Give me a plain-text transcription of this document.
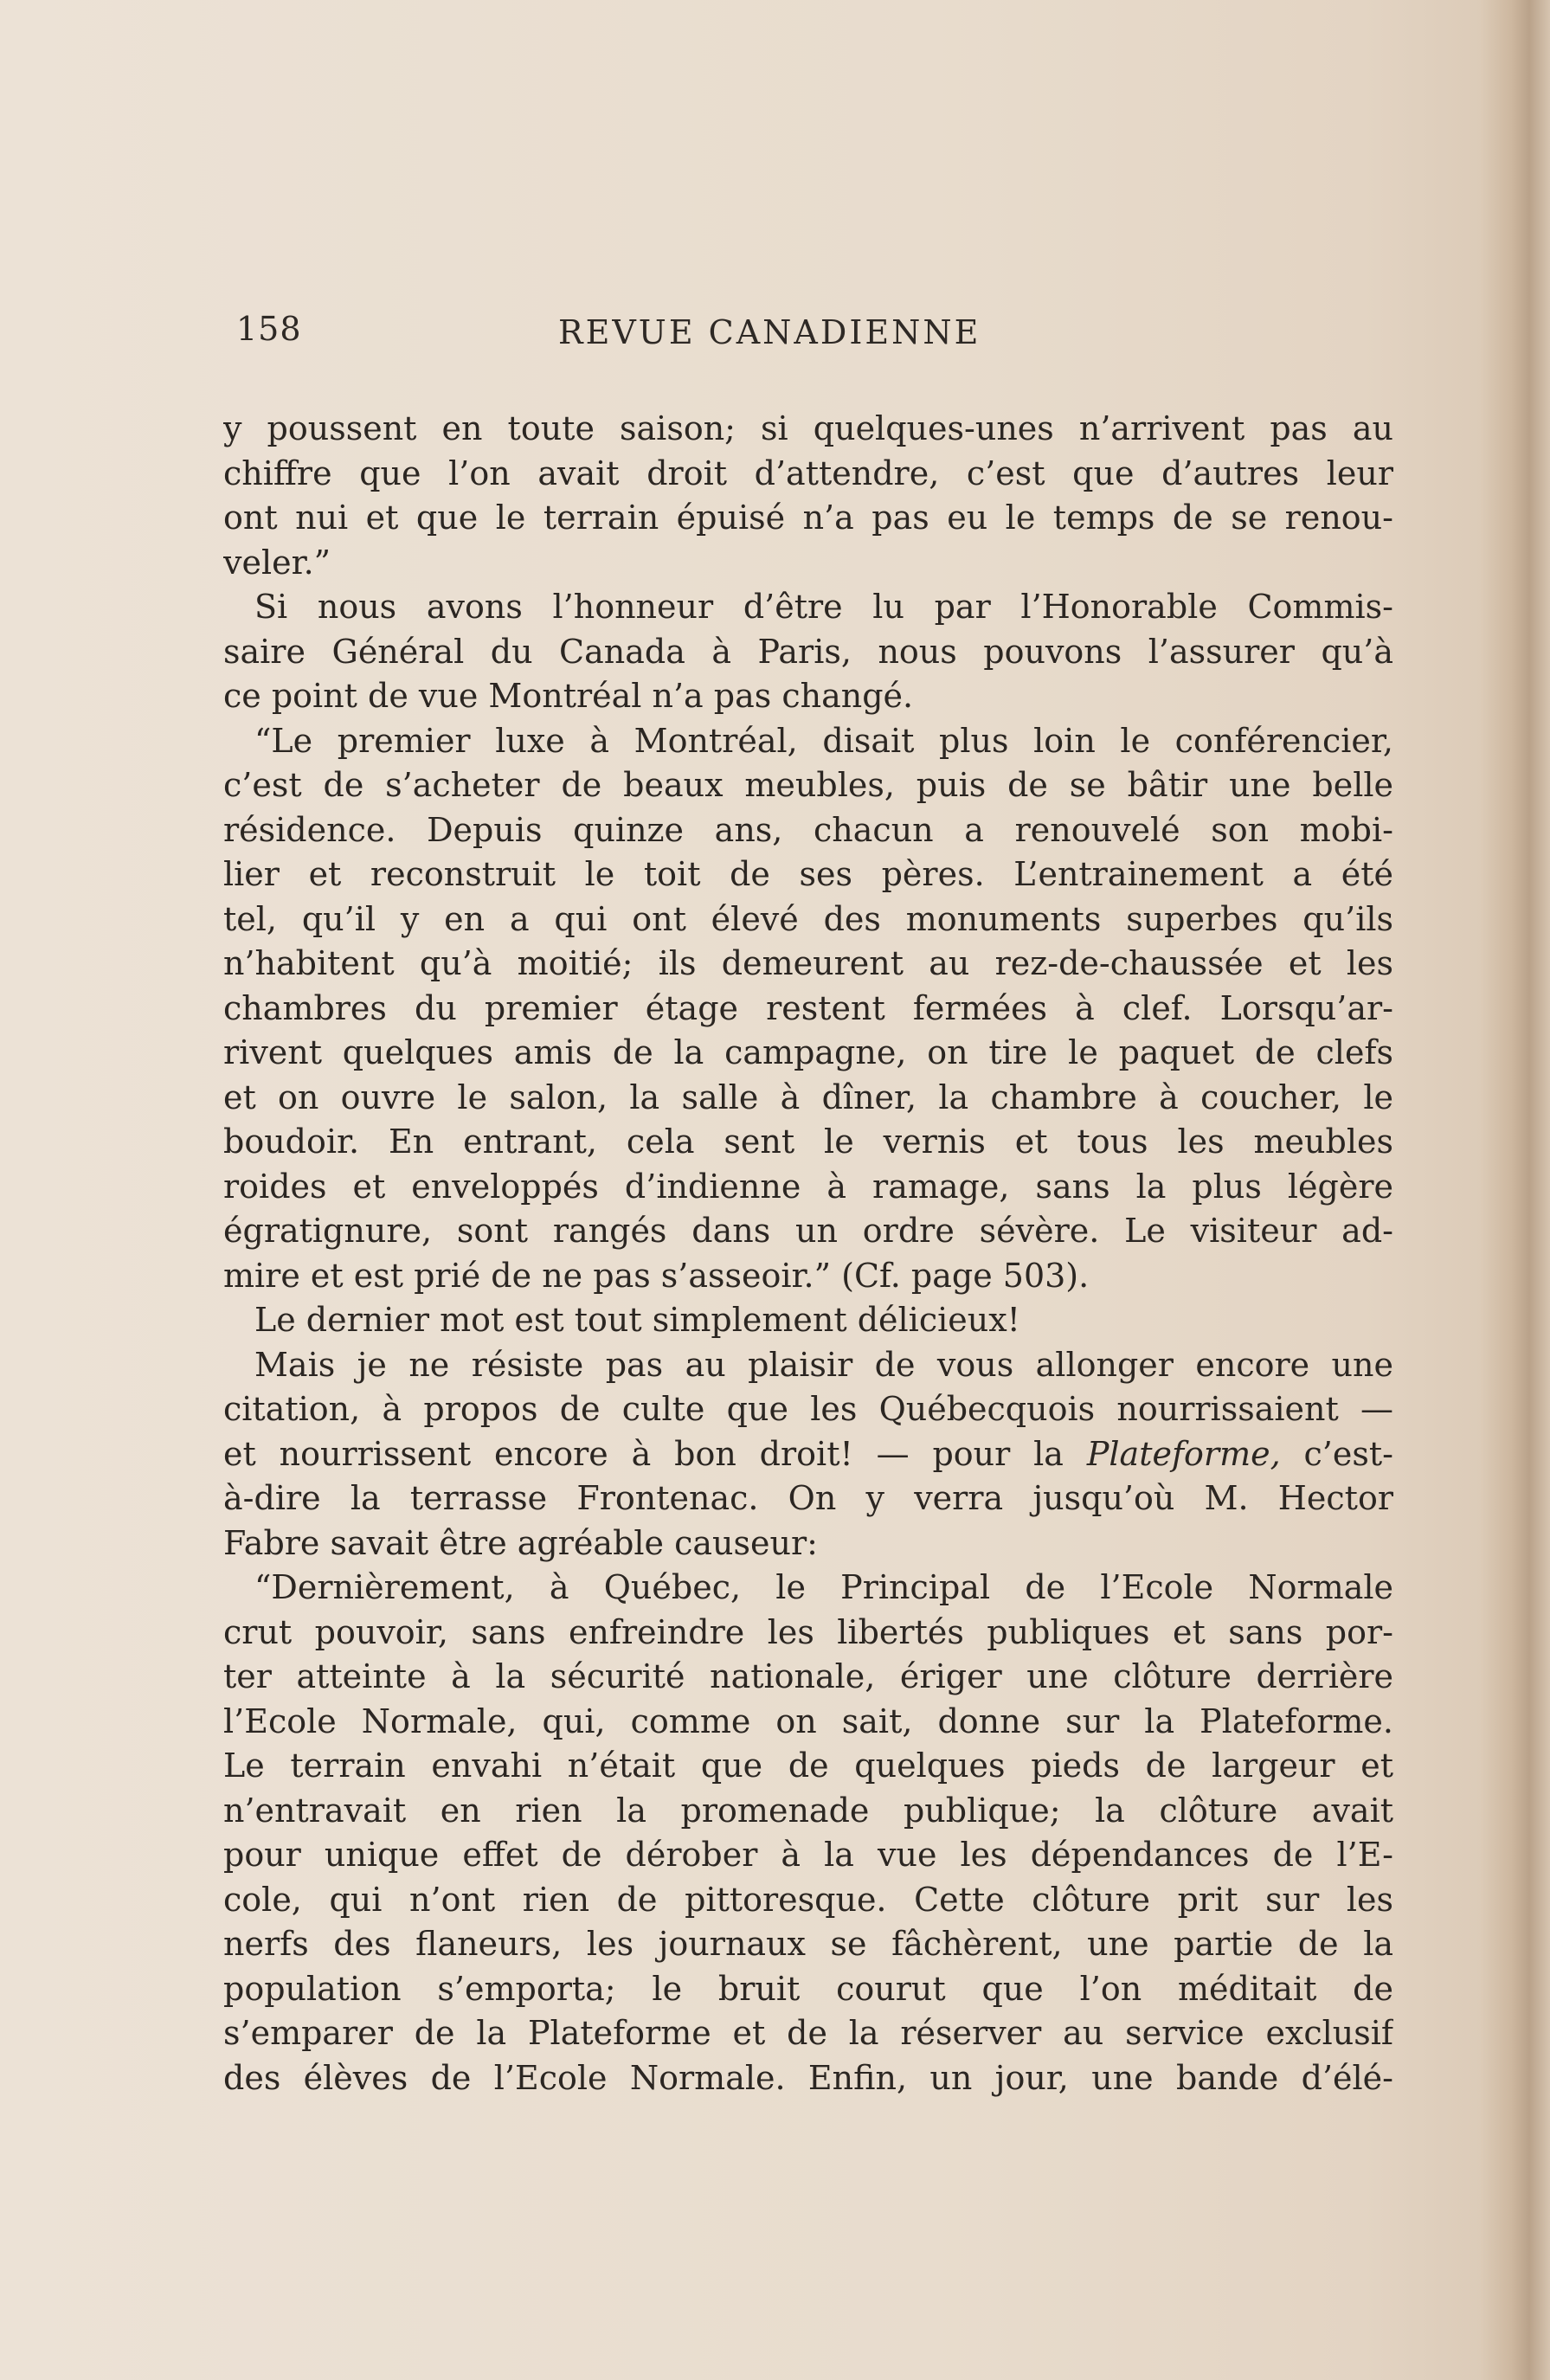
158	REVUE CANADIENNE
y poussent en toute saison; si quelques-unes n’arrivent pas au
chiffre que l’on avait droit d’attendre, c’est que d’autres leur
ont nui et que le terrain épuisé n’a pas eu le temps de se renou-
veler.”
Si nous avons l’honneur d’être lu par l’Honorable Commis-
saire Général du Canada à Paris, nous pouvons l’assurer qu’à
ce point de vue Montréal n’a pas changé.
“Le premier luxe à Montréal, disait plus loin le conférencier,
c’est de s’acheter de beaux meubles, puis de se bâtir une belle
résidence. Depuis quinze ans, chacun a renouvelé son mobi-
lier et reconstruit le toit de ses pères. L’entrainement a été
tel, qu’il y en a qui ont élevé des monuments superbes qu’ils
n’habitent qu’à moitié; ils demeurent au rez-de-chaussée et les
chambres du premier étage restent fermées à clef. Lorsqu’ar-
rivent quelques amis de la campagne, on tire le paquet de clefs
et on ouvre le salon, la salle à dîner, la chambre à coucher, le
boudoir. En entrant, cela sent le vernis et tous les meubles
roides et enveloppés d’indienne à ramage, sans la plus légère
égratignure, sont rangés dans un ordre sévère. Le visiteur ad-
mire et est prié de ne pas s’asseoir.” (Cf. page 503).
Le dernier mot est tout simplement délicieux!
Mais je ne résiste pas au plaisir de vous allonger encore une
citation, à propos de culte que les Québecquois nourrissaient —
et nourrissent encore à bon droit! — pour la Plateforme, c’est-
à-dire la terrasse Frontenac. On y verra jusqu’où M. Hector
Fabre savait être agréable causeur:
“Dernièrement, à Québec, le Principal de l’Ecole Normale
crut pouvoir, sans enfreindre les libertés publiques et sans por-
ter atteinte à la sécurité nationale, ériger une clôture derrière
l’Ecole Normale, qui, comme on sait, donne sur la Plateforme.
Le terrain envahi n’était que de quelques pieds de largeur et
n’entravait en rien la promenade publique; la clôture avait
pour unique effet de dérober à la vue les dépendances de l’E-
cole, qui n’ont rien de pittoresque. Cette clôture prit sur les
nerfs des flaneurs, les journaux se fâchèrent, une partie de la
population s’emporta; le bruit courut que l’on méditait de
s’emparer de la Plateforme et de la réserver au service exclusif
des élèves de l’Ecole Normale. Enfin, un jour, une bande d’élé-
